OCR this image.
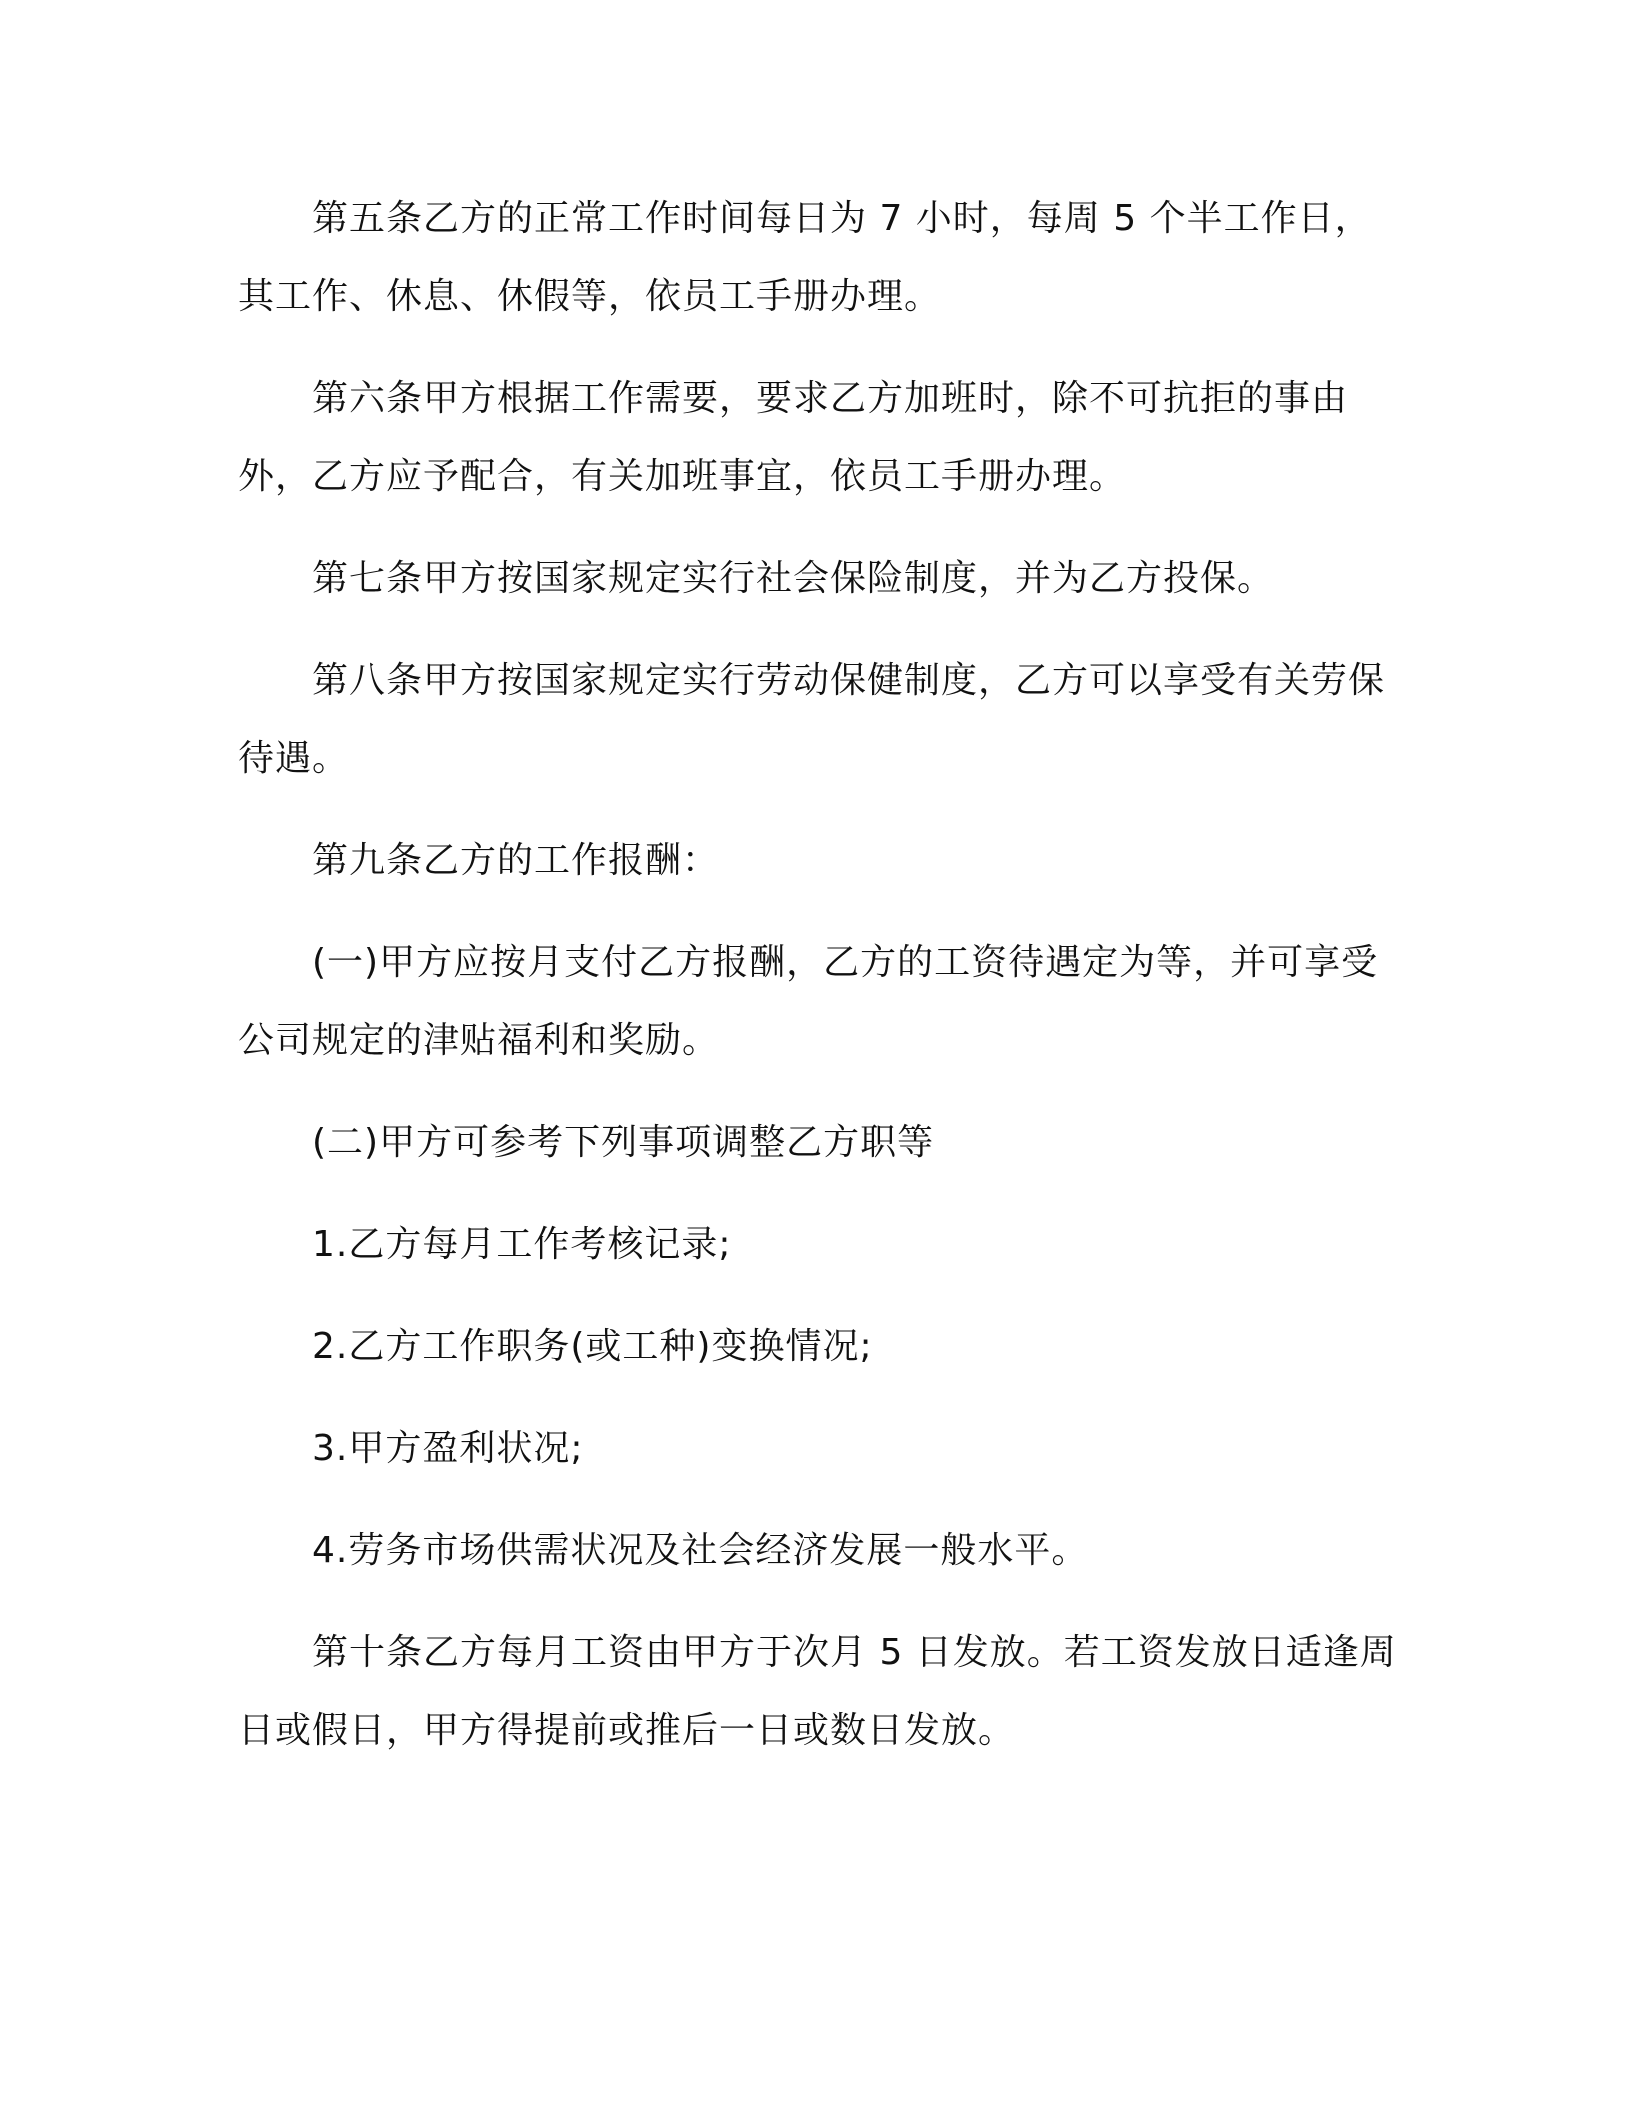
第五条乙方的正常工作时间每日为 7 小时，每周 5 个半工作日，其工作、休息、休假等，依员工手册办理。

第六条甲方根据工作需要，要求乙方加班时，除不可抗拒的事由外，乙方应予配合，有关加班事宜，依员工手册办理。

第七条甲方按国家规定实行社会保险制度，并为乙方投保。

第八条甲方按国家规定实行劳动保健制度，乙方可以享受有关劳保待遇。

第九条乙方的工作报酬：

(一)甲方应按月支付乙方报酬，乙方的工资待遇定为等，并可享受公司规定的津贴福利和奖励。

(二)甲方可参考下列事项调整乙方职等

1.乙方每月工作考核记录;

2.乙方工作职务(或工种)变换情况;

3.甲方盈利状况;

4.劳务市场供需状况及社会经济发展一般水平。

第十条乙方每月工资由甲方于次月 5 日发放。若工资发放日适逢周日或假日，甲方得提前或推后一日或数日发放。
